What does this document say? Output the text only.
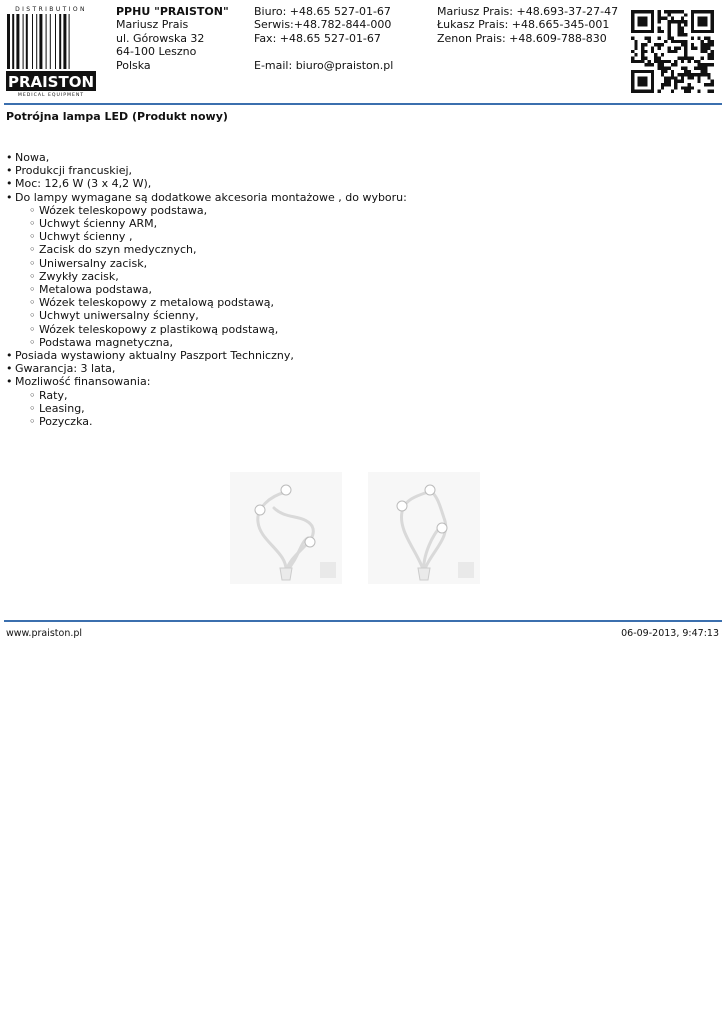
DISTRIBUTION
PRAISTON
MEDICAL EQUIPMENT
PPHU "PRAISTON"
Mariusz Prais
ul. Górowska 32
64-100 Leszno
Polska
Biuro: +48.65 527-01-67
Serwis:+48.782-844-000
Fax: +48.65 527-01-67

E-mail: biuro@praiston.pl
Mariusz Prais: +48.693-37-27-47
Łukasz Prais: +48.665-345-001
Zenon Prais: +48.609-788-830
Potrójna lampa LED (Produkt nowy)
• Nowa,
• Produkcji francuskiej,
• Moc: 12,6 W (3 x 4,2 W),
• Do lampy wymagane są dodatkowe akcesoria montażowe , do wyboru:
◦ Wózek teleskopowy podstawa,
◦ Uchwyt ścienny ARM,
◦ Uchwyt ścienny ,
◦ Zacisk do szyn medycznych,
◦ Uniwersalny zacisk,
◦ Zwykły zacisk,
◦ Metalowa podstawa,
◦ Wózek teleskopowy z metalową podstawą,
◦ Uchwyt uniwersalny ścienny,
◦ Wózek teleskopowy z plastikową podstawą,
◦ Podstawa magnetyczna,
• Posiada wystawiony aktualny Paszport Techniczny,
• Gwarancja: 3 lata,
• Mozliwość finansowania:
◦ Raty,
◦ Leasing,
◦ Pozyczka.
www.praiston.pl	06-09-2013, 9:47:13
